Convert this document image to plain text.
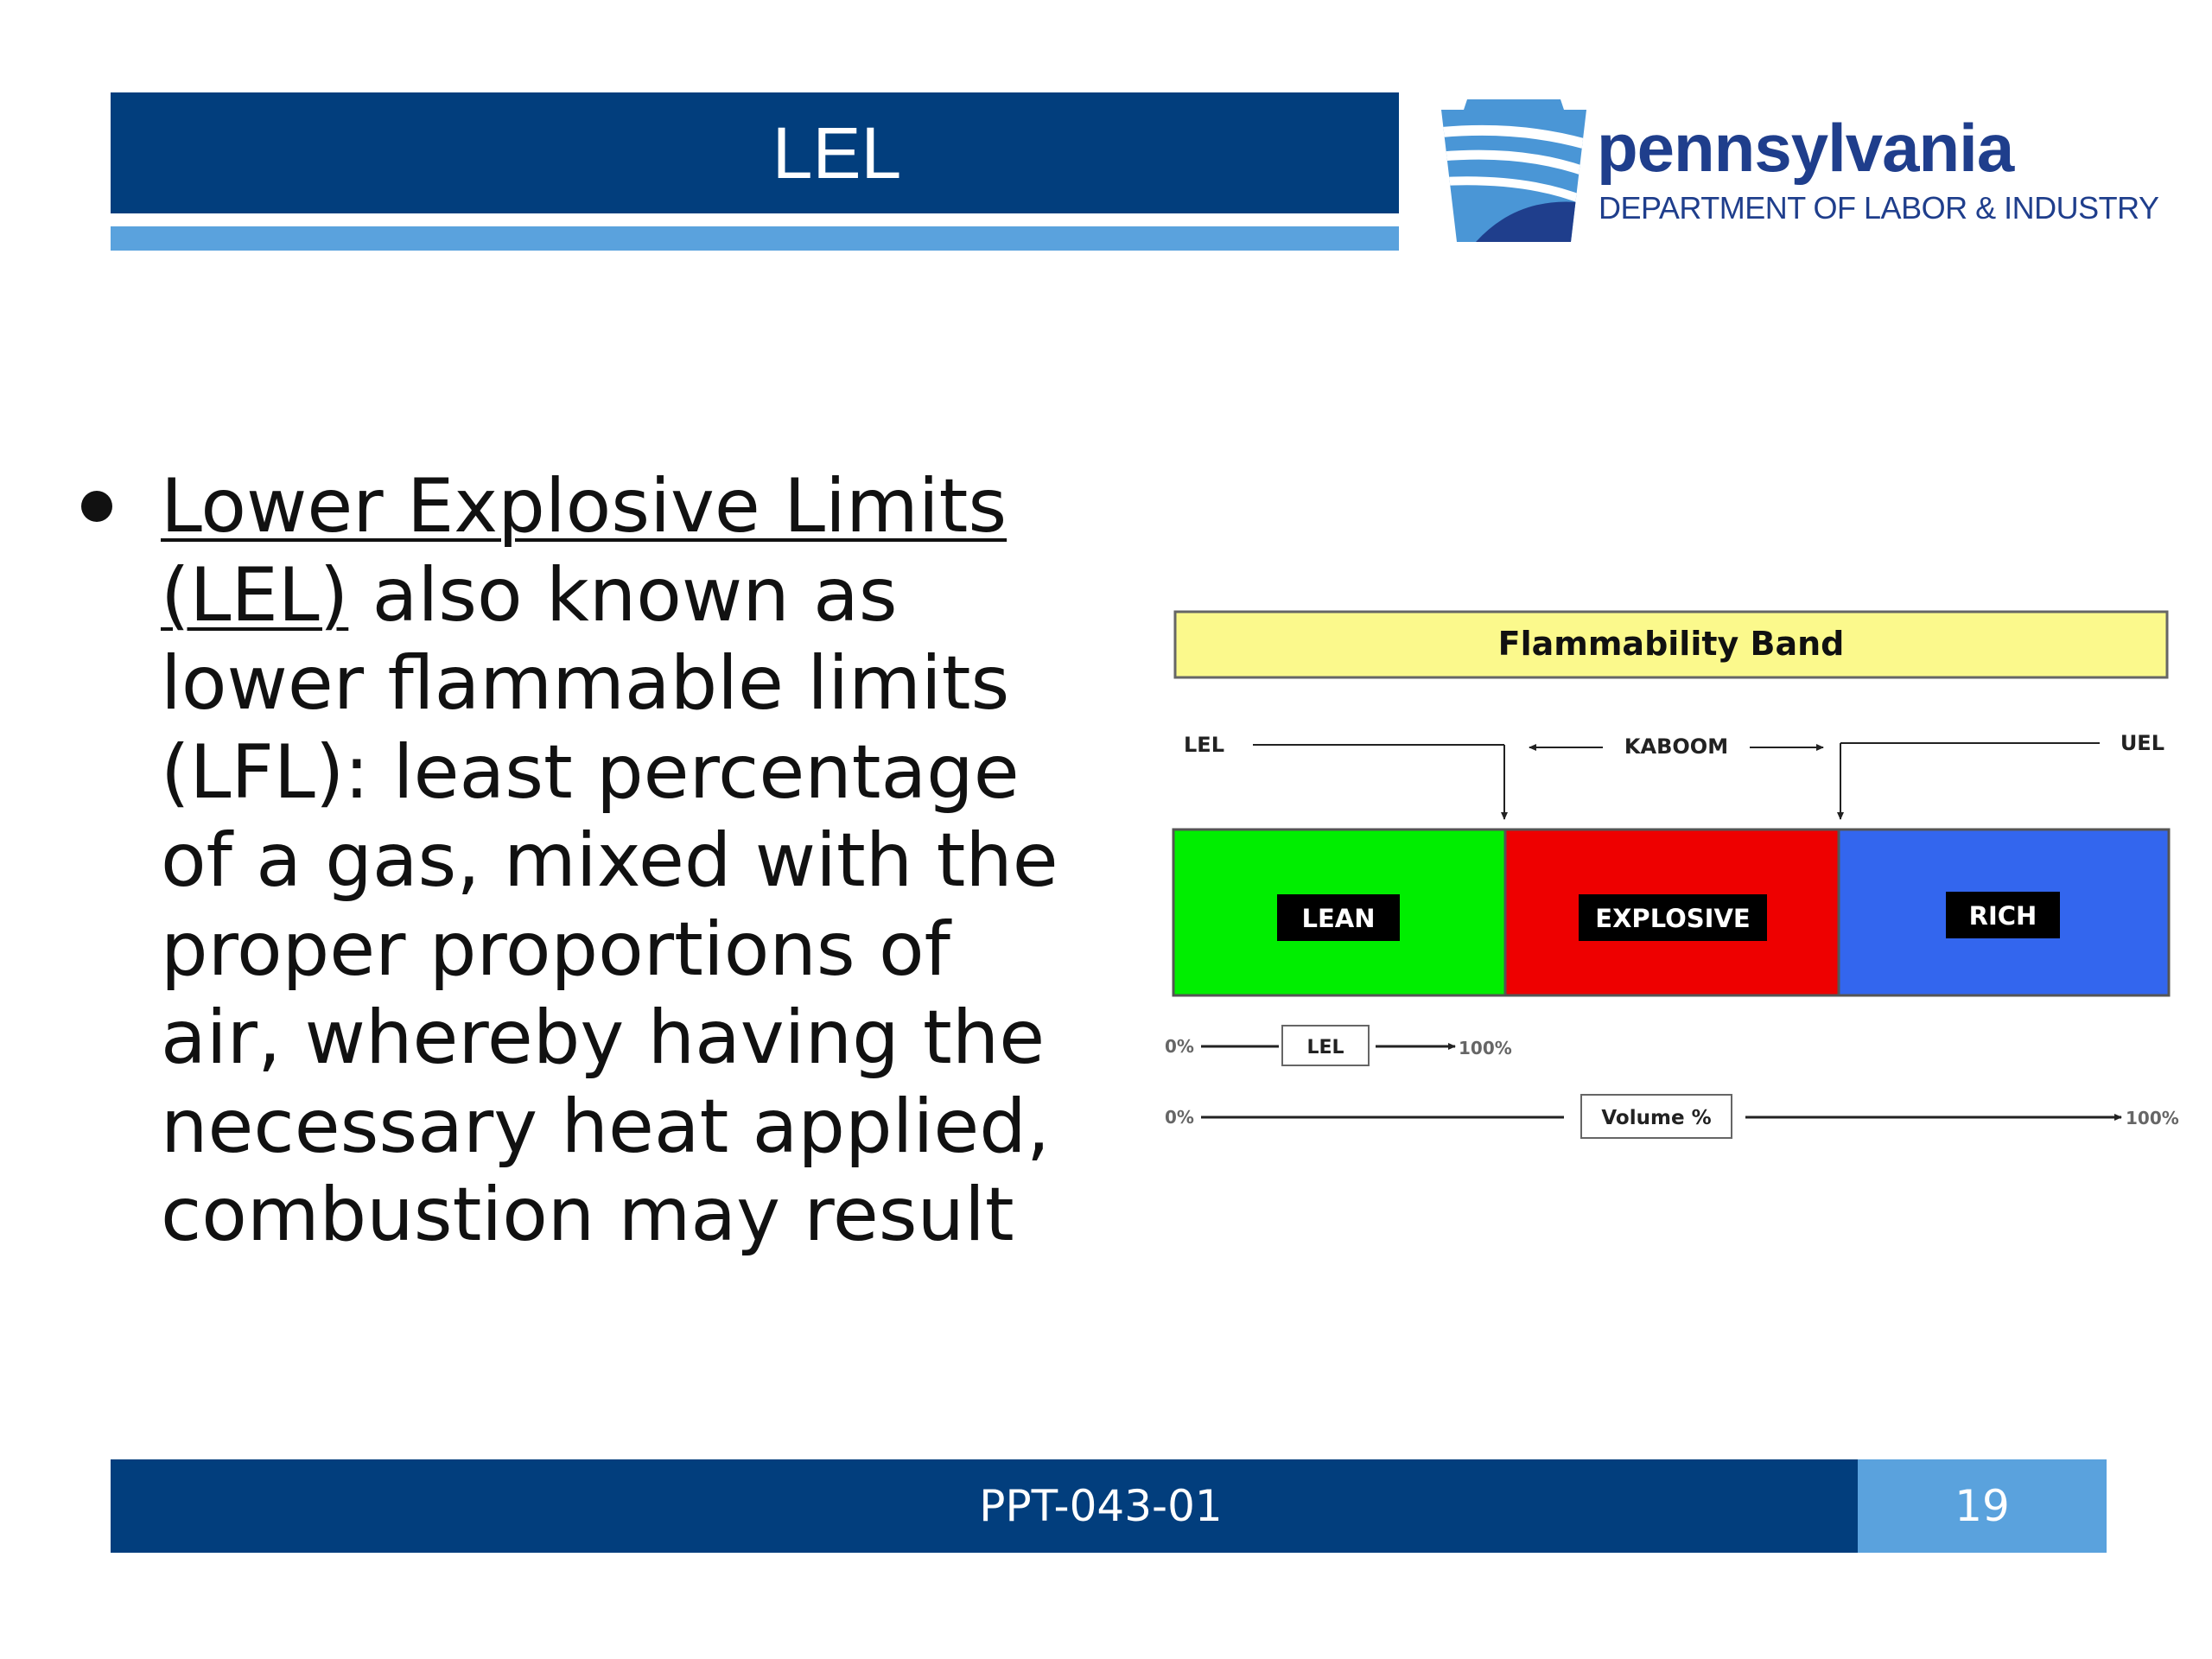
LEL	pennsylvania
DEPARTMENT OF LABOR & INDUSTRY
Lower Explosive Limits
(LEL) also known as
lower flammable limits
(LFL): least percentage
of a gas, mixed with the
proper proportions of
air, whereby having the
necessary heat applied,
combustion may result
Flammability Band
LEL	KABOOM	UEL
LEAN	EXPLOSIVE	RICH
0%	LEL	100%
0%	Volume %	100%
PPT-043-01	19
